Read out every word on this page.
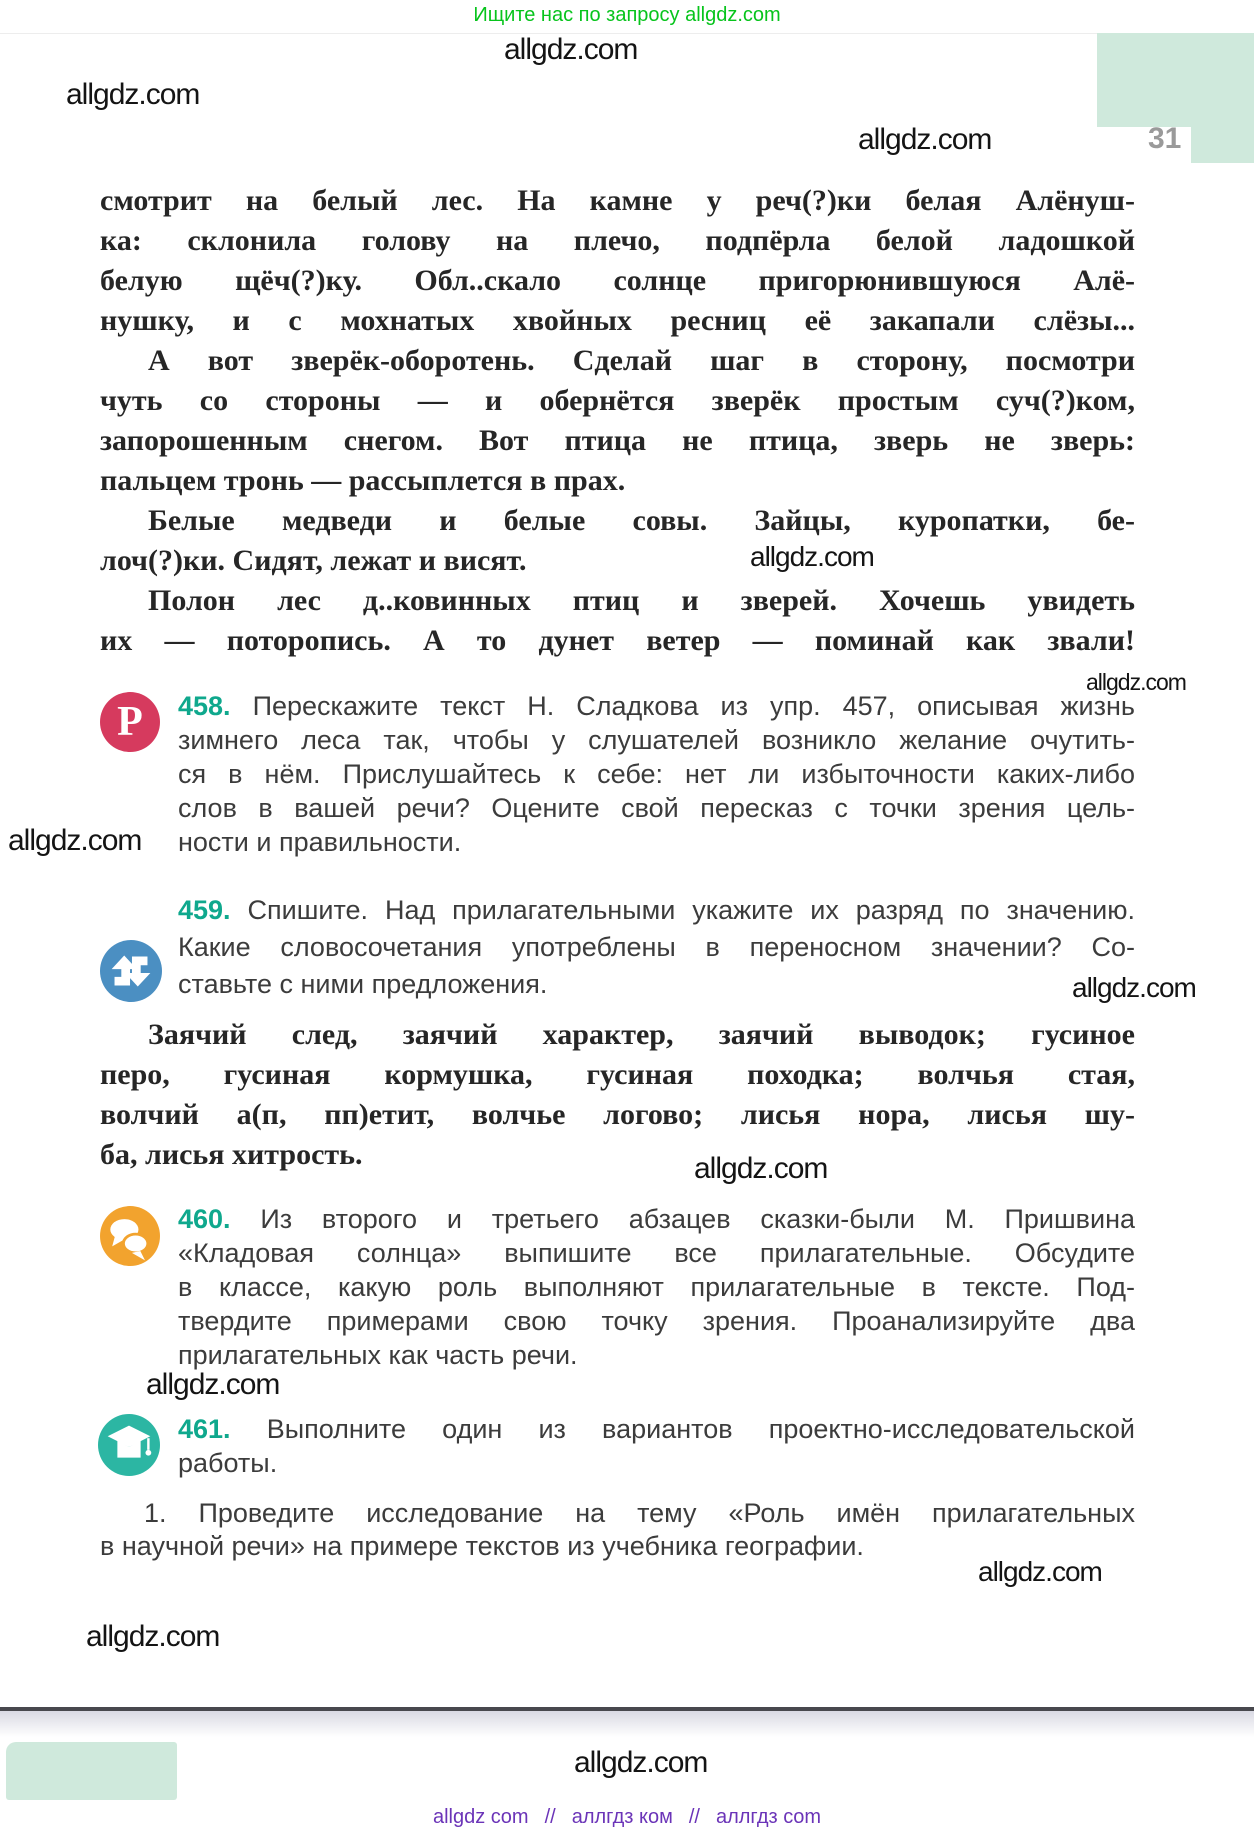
Ищите нас по запросу allgdz.com
31
allgdz.com
allgdz.com
allgdz.com
allgdz.com
allgdz.com
allgdz.com
allgdz.com
allgdz.com
allgdz.com
allgdz.com
allgdz.com
allgdz.com
смотрит на белый лес. На камне у реч(?)ки белая Алёнуш-
ка: склонила голову на плечо, подпёрла белой ладошкой
белую щёч(?)ку. Обл..скало солнце пригорюнившуюся Алё-
нушку, и с мохнатых хвойных ресниц её закапали слёзы...
А вот зверёк-оборотень. Сделай шаг в сторону, посмотри
чуть со стороны — и обернётся зверёк простым суч(?)ком,
запорошенным снегом. Вот птица не птица, зверь не зверь:
пальцем тронь — рассыплется в прах.
Белые медведи и белые совы. Зайцы, куропатки, бе-
лоч(?)ки. Сидят, лежат и висят.
Полон лес д..ковинных птиц и зверей. Хочешь увидеть
их — поторопись. А то дунет ветер — поминай как звали!
Р 458. Перескажите текст Н. Сладкова из упр. 457, описывая жизнь
зимнего леса так, чтобы у слушателей возникло желание очутить-
ся в нём. Прислушайтесь к себе: нет ли избыточности каких-либо
слов в вашей речи? Оцените свой пересказ с точки зрения цель-
ности и правильности.
459. Спишите. Над прилагательными укажите их разряд по значению.
Какие словосочетания употреблены в переносном значении? Со-
ставьте с ними предложения.
Заячий след, заячий характер, заячий выводок; гусиное
перо, гусиная кормушка, гусиная походка; волчья стая,
волчий а(п, пп)етит, волчье логово; лисья нора, лисья шу-
ба, лисья хитрость.
460. Из второго и третьего абзацев сказки-были М. Пришвина
«Кладовая солнца» выпишите все прилагательные. Обсудите
в классе, какую роль выполняют прилагательные в тексте. Под-
твердите примерами свою точку зрения. Проанализируйте два
прилагательных как часть речи.
461. Выполните один из вариантов проектно-исследовательской
работы.
1. Проведите исследование на тему «Роль имён прилагательных
в научной речи» на примере текстов из учебника географии.
allgdz com // аллгдз ком // аллгдз com
